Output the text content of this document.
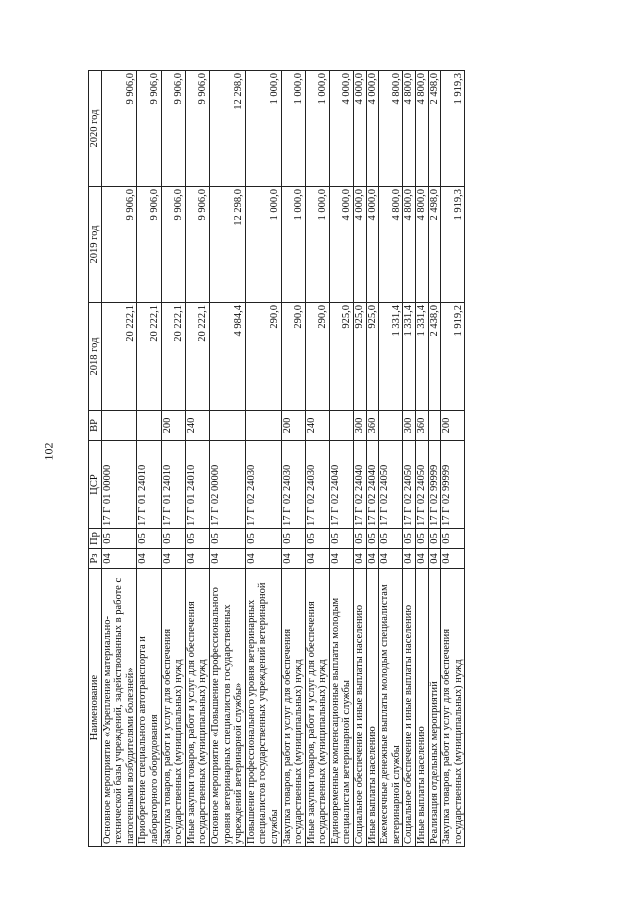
102
Наименование	Рз	Пр	ЦСР	ВР	2018 год	2019 год	2020 год
Основное мероприятие «Укрепление материально-технической базы учреждений, задействованных в работе с патогенными возбудителями болезней»	04	05	17 Г 01 00000		20 222,1	9 906,0	9 906,0
Приобретение специального автотранспорта и лабораторного оборудования	04	05	17 Г 01 24010		20 222,1	9 906,0	9 906,0
Закупка товаров, работ и услуг для обеспечения государственных (муниципальных) нужд	04	05	17 Г 01 24010	200	20 222,1	9 906,0	9 906,0
Иные закупки товаров, работ и услуг для обеспечения государственных (муниципальных) нужд	04	05	17 Г 01 24010	240	20 222,1	9 906,0	9 906,0
Основное мероприятие «Повышение профессионального уровня ветеринарных специалистов государственных учреждений ветеринарной службы»	04	05	17 Г 02 00000		4 984,4	12 298,0	12 298,0
Повышение профессионального уровня ветеринарных специалистов государственных учреждений ветеринарной службы	04	05	17 Г 02 24030		290,0	1 000,0	1 000,0
Закупка товаров, работ и услуг для обеспечения государственных (муниципальных) нужд	04	05	17 Г 02 24030	200	290,0	1 000,0	1 000,0
Иные закупки товаров, работ и услуг для обеспечения государственных (муниципальных) нужд	04	05	17 Г 02 24030	240	290,0	1 000,0	1 000,0
Единовременные компенсационные выплаты молодым специалистам ветеринарной службы	04	05	17 Г 02 24040		925,0	4 000,0	4 000,0
Социальное обеспечение и иные выплаты населению	04	05	17 Г 02 24040	300	925,0	4 000,0	4 000,0
Иные выплаты населению	04	05	17 Г 02 24040	360	925,0	4 000,0	4 000,0
Ежемесячные денежные выплаты молодым специалистам ветеринарной службы	04	05	17 Г 02 24050		1 331,4	4 800,0	4 800,0
Социальное обеспечение и иные выплаты населению	04	05	17 Г 02 24050	300	1 331,4	4 800,0	4 800,0
Иные выплаты населению	04	05	17 Г 02 24050	360	1 331,4	4 800,0	4 800,0
Реализация отдельных мероприятий	04	05	17 Г 02 99999		2 438,0	2 498,0	2 498,0
Закупка товаров, работ и услуг для обеспечения государственных (муниципальных) нужд	04	05	17 Г 02 99999	200	1 919,2	1 919,3	1 919,3
